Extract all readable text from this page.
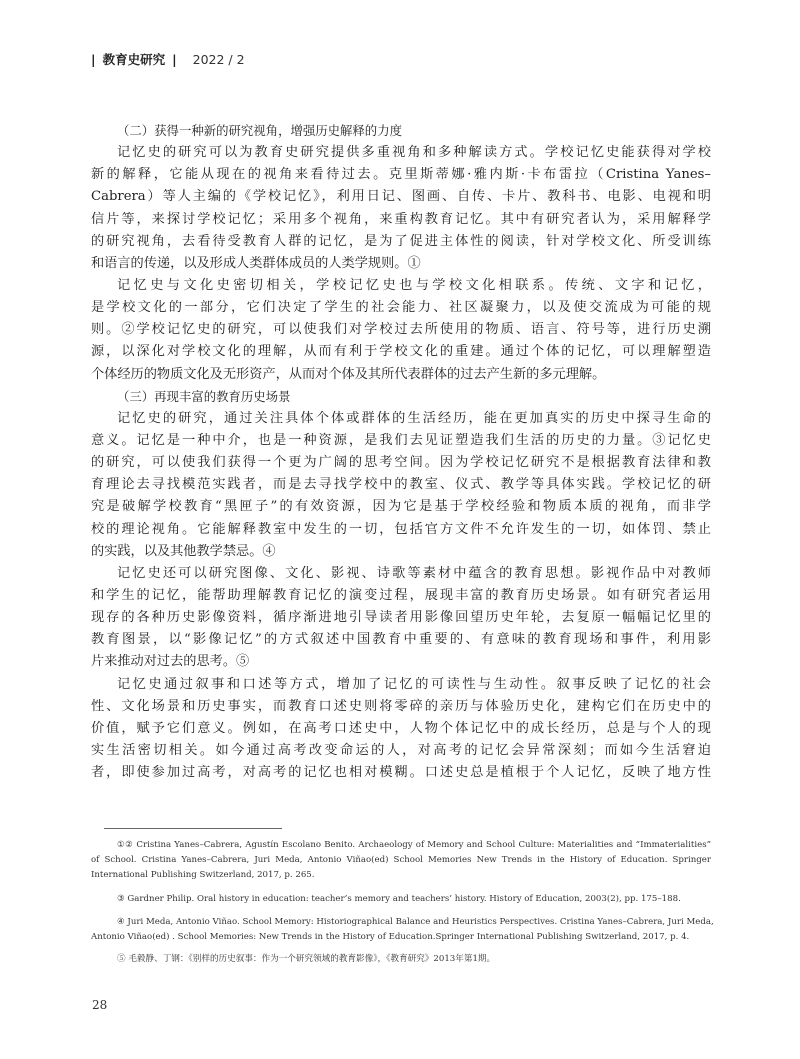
| 教育史研究 | 2022 / 2
（二）获得一种新的研究视角，增强历史解释的力度
记忆史的研究可以为教育史研究提供多重视角和多种解读方式。学校记忆史能获得对学校
新的解释，它能从现在的视角来看待过去。克里斯蒂娜·雅内斯·卡布雷拉（Cristina Yanes–
Cabrera）等人主编的《学校记忆》，利用日记、图画、自传、卡片、教科书、电影、电视和明
信片等，来探讨学校记忆；采用多个视角，来重构教育记忆。其中有研究者认为，采用解释学
的研究视角，去看待受教育人群的记忆，是为了促进主体性的阅读，针对学校文化、所受训练
和语言的传递，以及形成人类群体成员的人类学规则。①
记忆史与文化史密切相关，学校记忆史也与学校文化相联系。传统、文字和记忆，
是学校文化的一部分，它们决定了学生的社会能力、社区凝聚力，以及使交流成为可能的规
则。②学校记忆史的研究，可以使我们对学校过去所使用的物质、语言、符号等，进行历史溯
源，以深化对学校文化的理解，从而有利于学校文化的重建。通过个体的记忆，可以理解塑造
个体经历的物质文化及无形资产，从而对个体及其所代表群体的过去产生新的多元理解。
（三）再现丰富的教育历史场景
记忆史的研究，通过关注具体个体或群体的生活经历，能在更加真实的历史中探寻生命的
意义。记忆是一种中介，也是一种资源，是我们去见证塑造我们生活的历史的力量。③记忆史
的研究，可以使我们获得一个更为广阔的思考空间。因为学校记忆研究不是根据教育法律和教
育理论去寻找模范实践者，而是去寻找学校中的教室、仪式、教学等具体实践。学校记忆的研
究是破解学校教育“黑匣子”的有效资源，因为它是基于学校经验和物质本质的视角，而非学
校的理论视角。它能解释教室中发生的一切，包括官方文件不允许发生的一切，如体罚、禁止
的实践，以及其他教学禁忌。④
记忆史还可以研究图像、文化、影视、诗歌等素材中蕴含的教育思想。影视作品中对教师
和学生的记忆，能帮助理解教育记忆的演变过程，展现丰富的教育历史场景。如有研究者运用
现存的各种历史影像资料，循序渐进地引导读者用影像回望历史年轮，去复原一幅幅记忆里的
教育图景，以“影像记忆”的方式叙述中国教育中重要的、有意味的教育现场和事件，利用影
片来推动对过去的思考。⑤
记忆史通过叙事和口述等方式，增加了记忆的可读性与生动性。叙事反映了记忆的社会
性、文化场景和历史事实，而教育口述史则将零碎的亲历与体验历史化，建构它们在历史中的
价值，赋予它们意义。例如，在高考口述史中，人物个体记忆中的成长经历，总是与个人的现
实生活密切相关。如今通过高考改变命运的人，对高考的记忆会异常深刻；而如今生活窘迫
者，即使参加过高考，对高考的记忆也相对模糊。口述史总是植根于个人记忆，反映了地方性
①② Cristina Yanes–Cabrera, Agustín Escolano Benito. Archaeology of Memory and School Culture: Materialities and “Immaterialities”
of School. Cristina Yanes–Cabrera, Juri Meda, Antonio Viñao(ed) School Memories New Trends in the History of Education. Springer
International Publishing Switzerland, 2017, p. 265.
③ Gardner Philip. Oral history in education: teacher’s memory and teachers’ history. History of Education, 2003(2), pp. 175–188.
④ Juri Meda, Antonio Viñao. School Memory: Historiographical Balance and Heuristics Perspectives. Cristina Yanes–Cabrera, Juri Meda,
Antonio Viñao(ed) . School Memories: New Trends in the History of Education.Springer International Publishing Switzerland, 2017, p. 4.
⑤ 毛毅静、丁钢：《别样的历史叙事：作为一个研究领域的教育影像》，《教育研究》2013年第1期。
28
